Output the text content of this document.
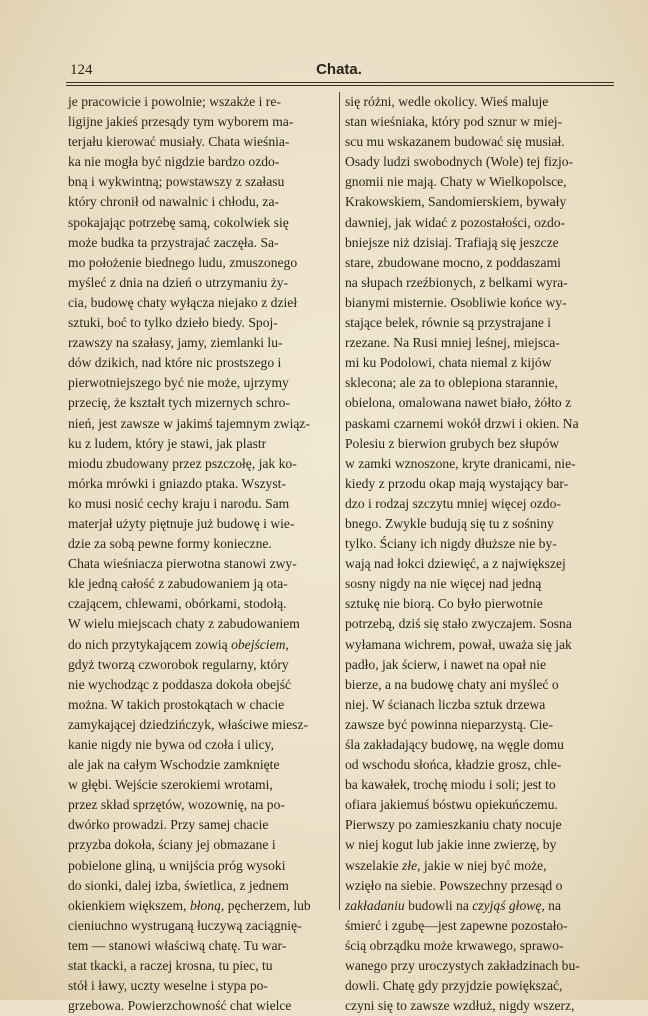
124	Chata.
je pracowicie i powolnie; wszakże i re-
ligijne jakieś przesądy tym wyborem ma-
terjału kierować musiały. Chata wieśnia-
ka nie mogła być nigdzie bardzo ozdo-
bną i wykwintną; powstawszy z szałasu
który chronił od nawalnic i chłodu, za-
spokajając potrzebę samą, cokolwiek się
może budka ta przystrajać zaczęła. Sa-
mo położenie biednego ludu, zmuszonego
myśleć z dnia na dzień o utrzymaniu ży-
cia, budowę chaty wyłącza niejako z dzieł
sztuki, boć to tylko dzieło biedy. Spoj-
rzawszy na szałasy, jamy, ziemlanki lu-
dów dzikich, nad które nic prostszego i
pierwotniejszego być nie może, ujrzymy
przecię, że kształt tych mizernych schro-
nień, jest zawsze w jakimś tajemnym związ-
ku z ludem, który je stawi, jak plastr
miodu zbudowany przez pszczołę, jak ko-
mórka mrówki i gniazdo ptaka. Wszyst-
ko musi nosić cechy kraju i narodu. Sam
materjał użyty piętnuje już budowę i wie-
dzie za sobą pewne formy konieczne.
Chata wieśniacza pierwotna stanowi zwy-
kle jedną całość z zabudowaniem ją ota-
czającem, chlewami, obórkami, stodołą.
W wielu miejscach chaty z zabudowaniem
do nich przytykającem zowią obejściem,
gdyż tworzą czworobok regularny, który
nie wychodząc z poddasza dokoła obejść
można. W takich prostokątach w chacie
zamykającej dziedzińczyk, właściwe miesz-
kanie nigdy nie bywa od czoła i ulicy,
ale jak na całym Wschodzie zamknięte
w głębi. Wejście szerokiemi wrotami,
przez skład sprzętów, wozownię, na po-
dwórko prowadzi. Przy samej chacie
przyzba dokoła, ściany jej obmazane i
pobielone gliną, u wnijścia próg wysoki
do sionki, dalej izba, świetlica, z jednem
okienkiem większem, błoną, pęcherzem, lub
cieniuchno wystruganą łuczywą zaciągnię-
tem — stanowi właściwą chatę. Tu war-
stat tkacki, a raczej krosna, tu piec, tu
stół i ławy, uczty weselne i stypa po-
grzebowa. Powierzchowność chat wielce
się różni, wedle okolicy. Wieś maluje
stan wieśniaka, który pod sznur w miej-
scu mu wskazanem budować się musiał.
Osady ludzi swobodnych (Wole) tej fizjo-
gnomii nie mają. Chaty w Wielkopolsce,
Krakowskiem, Sandomierskiem, bywały
dawniej, jak widać z pozostałości, ozdo-
bniejsze niż dzisiaj. Trafiają się jeszcze
stare, zbudowane mocno, z poddaszami
na słupach rzeźbionych, z belkami wyra-
bianymi misternie. Osobliwie końce wy-
stające belek, równie są przystrajane i
rzezane. Na Rusi mniej leśnej, miejsca-
mi ku Podolowi, chata niemal z kijów
sklecona; ale za to oblepiona starannie,
obielona, omalowana nawet biało, żółto z
paskami czarnemi wokół drzwi i okien. Na
Polesiu z bierwion grubych bez słupów
w zamki wznoszone, kryte dranicami, nie-
kiedy z przodu okap mają wystający bar-
dzo i rodzaj szczytu mniej więcej ozdo-
bnego. Zwykle budują się tu z sośniny
tylko. Ściany ich nigdy dłuższe nie by-
wają nad łokci dziewięć, a z największej
sosny nigdy na nie więcej nad jedną
sztukę nie biorą. Co było pierwotnie
potrzebą, dziś się stało zwyczajem. Sosna
wyłamana wichrem, pował, uważa się jak
padło, jak ścierw, i nawet na opał nie
bierze, a na budowę chaty ani myśleć o
niej. W ścianach liczba sztuk drzewa
zawsze być powinna nieparzystą. Cie-
śla zakładający budowę, na węgle domu
od wschodu słońca, kładzie grosz, chle-
ba kawałek, trochę miodu i soli; jest to
ofiara jakiemuś bóstwu opiekuńczemu.
Pierwszy po zamieszkaniu chaty nocuje
w niej kogut lub jakie inne zwierzę, by
wszelakie złe, jakie w niej być może,
wzięło na siebie. Powszechny przesąd o
zakładaniu budowli na czyjąś głowę, na
śmierć i zgubę—jest zapewne pozostało-
ścią obrządku może krwawego, sprawo-
wanego przy uroczystych zakładzinach bu-
dowli. Chatę gdy przyjdzie powiększać,
czyni się to zawsze wzdłuż, nigdy wszerz,
